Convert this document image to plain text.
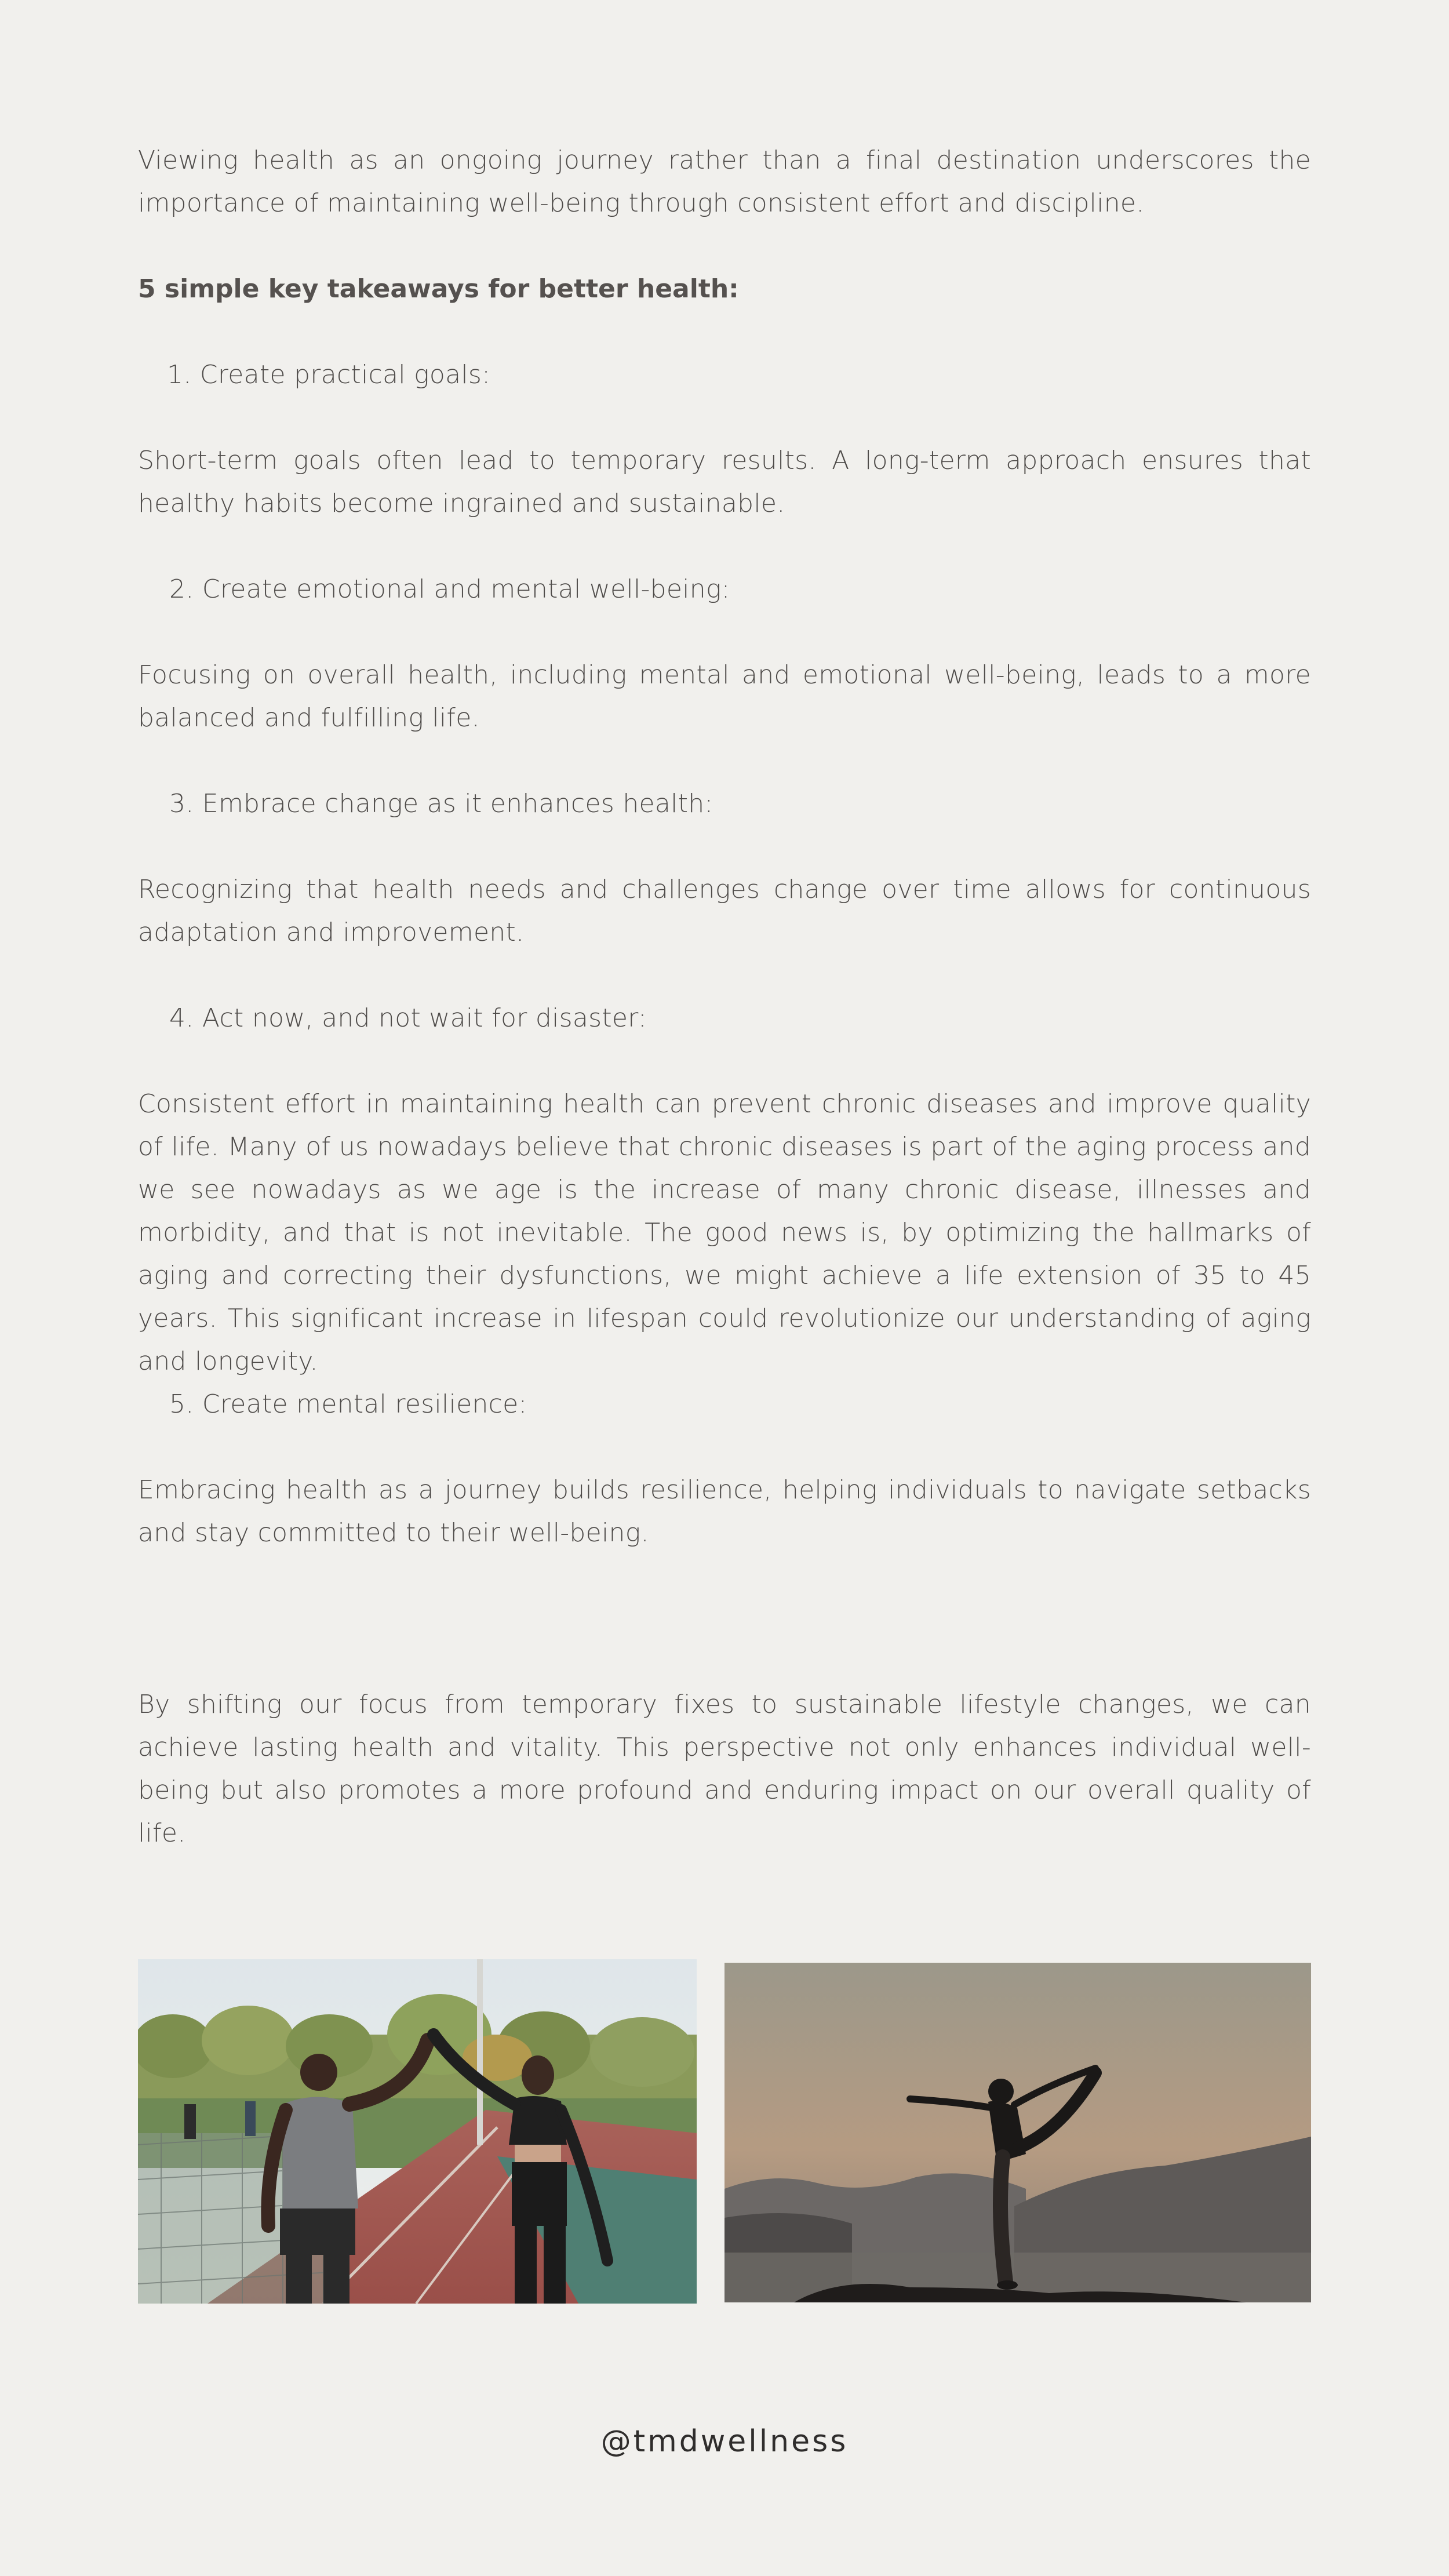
Viewing health as an ongoing journey rather than a final destination underscores the importance of maintaining well-being through consistent effort and discipline.

5 simple key takeaways for better health:

1. Create practical goals:

Short-term goals often lead to temporary results. A long-term approach ensures that healthy habits become ingrained and sustainable.

2. Create emotional and mental well-being:

Focusing on overall health, including mental and emotional well-being, leads to a more balanced and fulfilling life.

3. Embrace change as it enhances health:

Recognizing that health needs and challenges change over time allows for continuous adaptation and improvement.

4. Act now, and not wait for disaster:

Consistent effort in maintaining health can prevent chronic diseases and improve quality of life. Many of us nowadays believe that chronic diseases is part of the aging process and we see nowadays as we age is the increase of many chronic disease, illnesses and morbidity, and that is not inevitable. The good news is, by optimizing the hallmarks of aging and correcting their dysfunctions, we might achieve a life extension of 35 to 45 years. This significant increase in lifespan could revolutionize our understanding of aging and longevity.

5. Create mental resilience:

Embracing health as a journey builds resilience, helping individuals to navigate setbacks and stay committed to their well-being.

By shifting our focus from temporary fixes to sustainable lifestyle changes, we can achieve lasting health and vitality. This perspective not only enhances individual well-being but also promotes a more profound and enduring impact on our overall quality of life.

@tmdwellness
